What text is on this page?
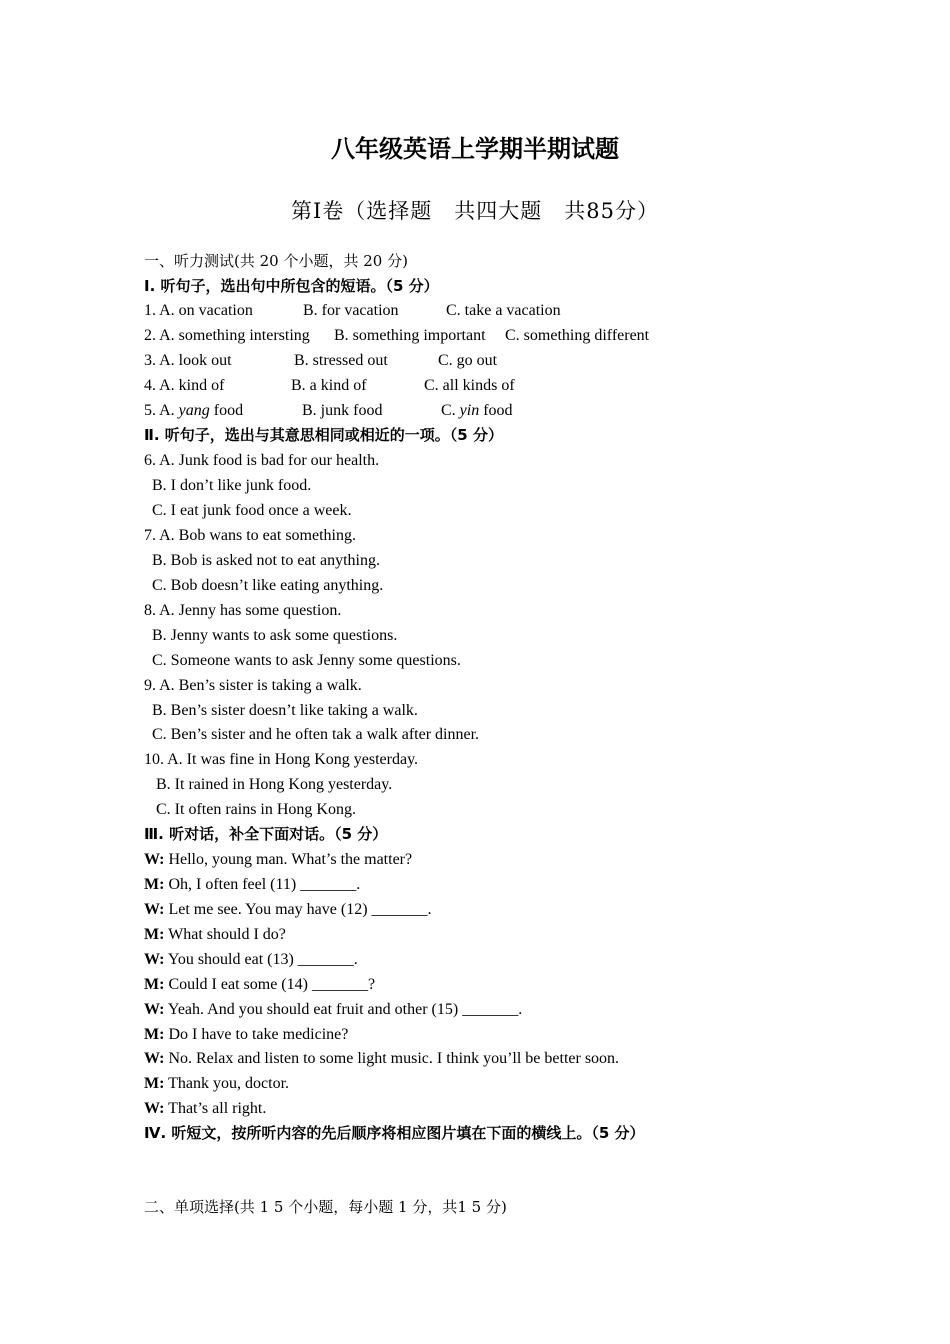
八年级英语上学期半期试题
第I卷（选择题　共四大题　共85分）
一、听力测试(共 20 个小题，共 20 分)
Ⅰ. 听句子，选出句中所包含的短语。（5 分）
1. A. on vacation	B. for vacation	C. take a vacation
2. A. something intersting B. something important C. something different
3. A. look out	B. stressed out	C. go out
4. A. kind of	B. a kind of	C. all kinds of
5. A. yang food	B. junk food	C. yin food
Ⅱ. 听句子，选出与其意思相同或相近的一项。（5 分）
6. A. Junk food is bad for our health.
B. I don’t like junk food.
C. I eat junk food once a week.
7. A. Bob wans to eat something.
B. Bob is asked not to eat anything.
C. Bob doesn’t like eating anything.
8. A. Jenny has some question.
B. Jenny wants to ask some questions.
C. Someone wants to ask Jenny some questions.
9. A. Ben’s sister is taking a walk.
B. Ben’s sister doesn’t like taking a walk.
C. Ben’s sister and he often tak a walk after dinner.
10. A. It was fine in Hong Kong yesterday.
B. It rained in Hong Kong yesterday.
C. It often rains in Hong Kong.
Ⅲ. 听对话，补全下面对话。（5 分）
W: Hello, young man. What’s the matter?
M: Oh, I often feel (11) _______.
W: Let me see. You may have (12) _______.
M: What should I do?
W: You should eat (13) _______.
M: Could I eat some (14) _______?
W: Yeah. And you should eat fruit and other (15) _______.
M: Do I have to take medicine?
W: No. Relax and listen to some light music. I think you’ll be better soon.
M: Thank you, doctor.
W: That’s all right.
Ⅳ. 听短文，按所听内容的先后顺序将相应图片填在下面的横线上。（5 分）
二、单项选择(共 1 5 个小题，每小题 1 分，共1 5 分)
